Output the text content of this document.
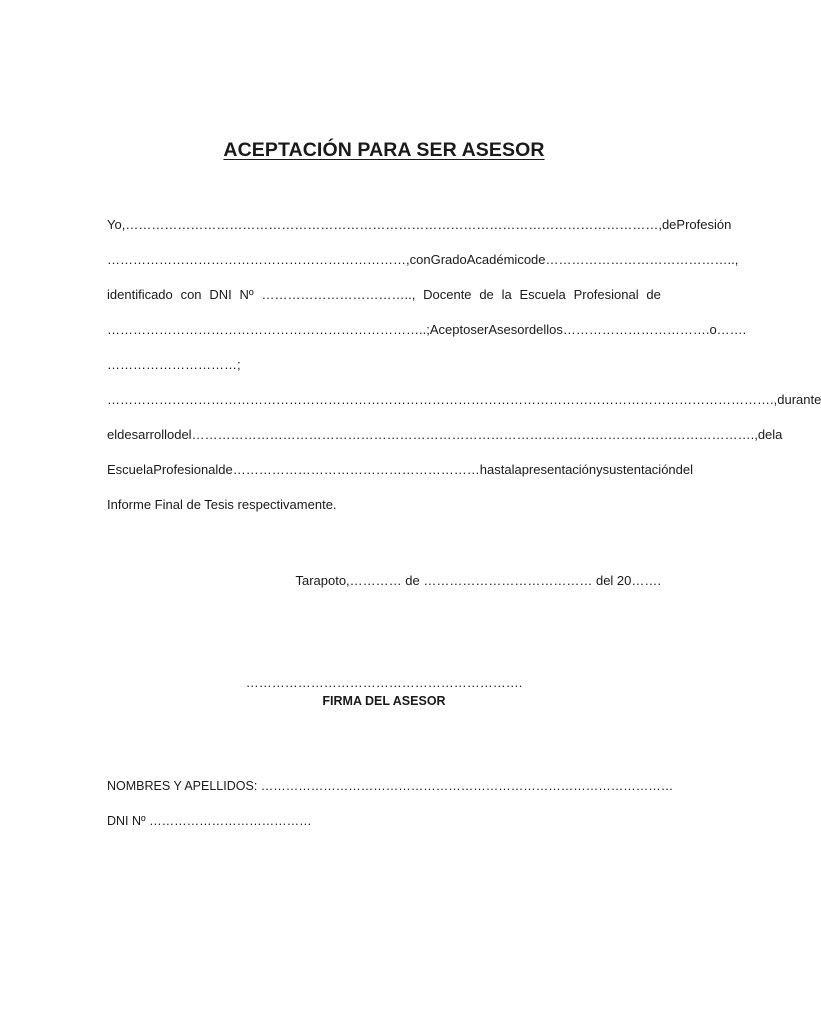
ACEPTACIÓN PARA SER ASESOR
Yo, ……………………………………………………………………………………………………………, de Profesión
……………………………………………………………, con Grado Académico de ……………………………………..,
identificado con DNI Nº …………………………….., Docente de la Escuela Profesional de
………………………………………………………………..; Acepto ser Asesor del los…………………………….o…….
…………………………;
………………………………………………………………………………………………………………………………………., durante
el desarrollo del …………………………………………………………………………………………………………………., de la
Escuela Profesional de ………………………………………………… hasta la presentación y sustentación del
Informe Final de Tesis respectivamente.
Tarapoto,………… de ………………………………… del 20…….
……………………………………………………….
FIRMA DEL ASESOR
NOMBRES Y APELLIDOS: ………………………………………………………………………………………
DNI Nº …………………………………
